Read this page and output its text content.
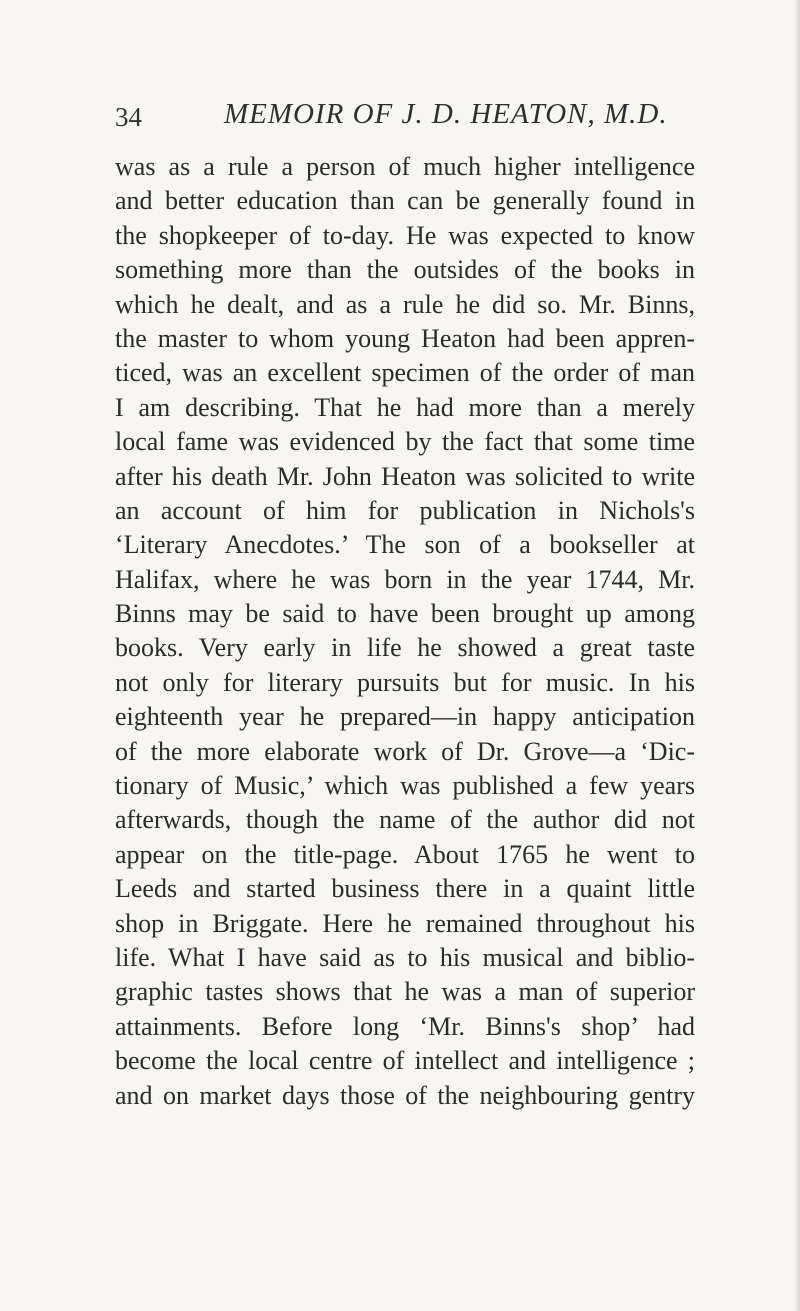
34	MEMOIR OF J. D. HEATON, M.D.
was as a rule a person of much higher intelligence
and better education than can be generally found in
the shopkeeper of to-day. He was expected to know
something more than the outsides of the books in
which he dealt, and as a rule he did so. Mr. Binns,
the master to whom young Heaton had been appren-
ticed, was an excellent specimen of the order of man
I am describing. That he had more than a merely
local fame was evidenced by the fact that some time
after his death Mr. John Heaton was solicited to write
an account of him for publication in Nichols's
‘Literary Anecdotes.’ The son of a bookseller at
Halifax, where he was born in the year 1744, Mr.
Binns may be said to have been brought up among
books. Very early in life he showed a great taste
not only for literary pursuits but for music. In his
eighteenth year he prepared—in happy anticipation
of the more elaborate work of Dr. Grove—a ‘Dic-
tionary of Music,’ which was published a few years
afterwards, though the name of the author did not
appear on the title-page. About 1765 he went to
Leeds and started business there in a quaint little
shop in Briggate. Here he remained throughout his
life. What I have said as to his musical and biblio-
graphic tastes shows that he was a man of superior
attainments. Before long ‘Mr. Binns's shop’ had
become the local centre of intellect and intelligence ;
and on market days those of the neighbouring gentry
